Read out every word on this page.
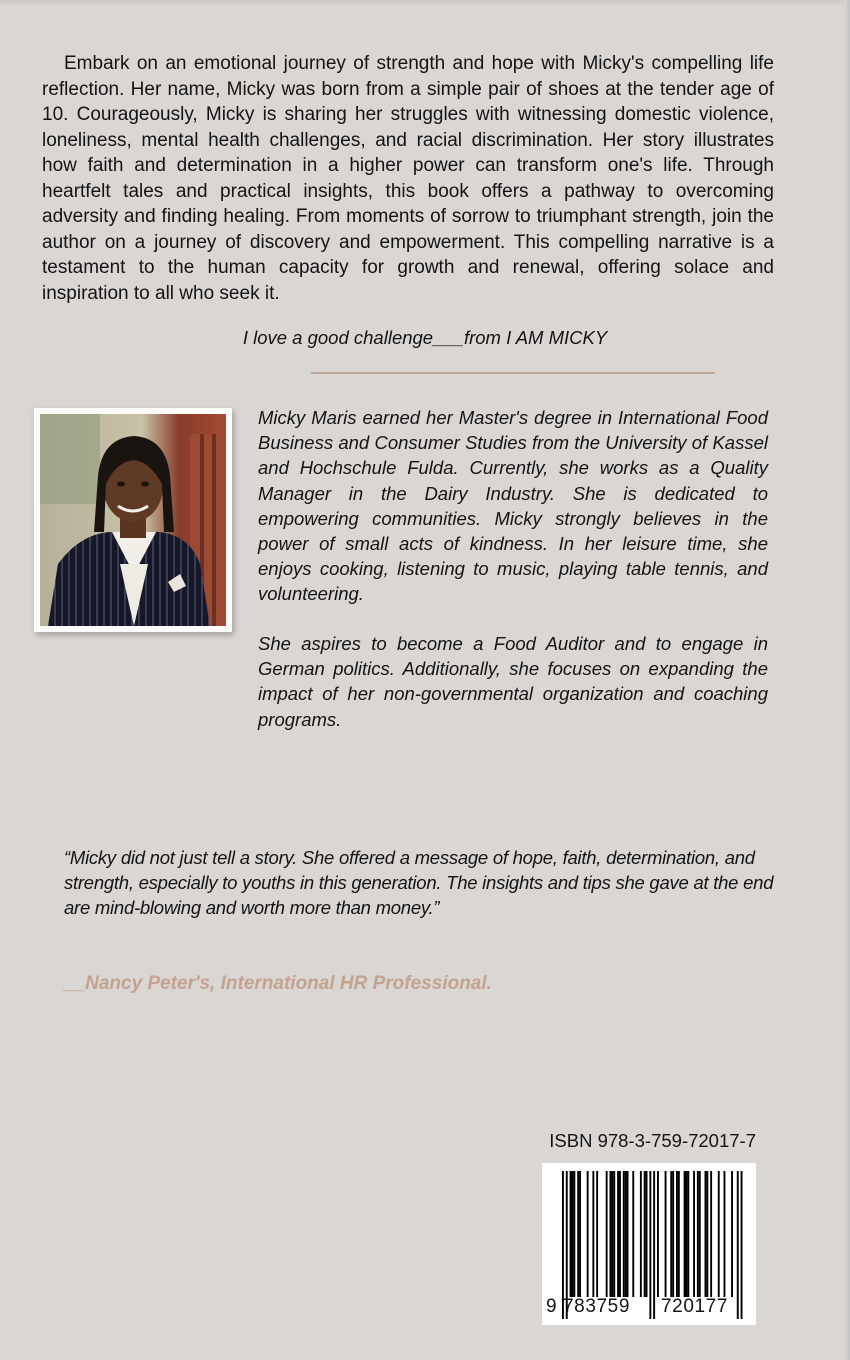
Embark on an emotional journey of strength and hope with Micky's compelling life reflection. Her name, Micky was born from a simple pair of shoes at the tender age of 10. Courageously, Micky is sharing her struggles with witnessing domestic violence, loneliness, mental health challenges, and racial discrimination. Her story illustrates how faith and determination in a higher power can transform one's life. Through heartfelt tales and practical insights, this book offers a pathway to overcoming adversity and finding healing. From moments of sorrow to triumphant strength, join the author on a journey of discovery and empowerment. This compelling narrative is a testament to the human capacity for growth and renewal, offering solace and inspiration to all who seek it.

I love a good challenge___from I AM MICKY

Micky Maris earned her Master's degree in International Food Business and Consumer Studies from the University of Kassel and Hochschule Fulda. Currently, she works as a Quality Manager in the Dairy Industry. She is dedicated to empowering communities. Micky strongly believes in the power of small acts of kindness. In her leisure time, she enjoys cooking, listening to music, playing table tennis, and volunteering.

She aspires to become a Food Auditor and to engage in German politics. Additionally, she focuses on expanding the impact of her non-governmental organization and coaching programs.

“Micky did not just tell a story. She offered a message of hope, faith, determination, and strength, especially to youths in this generation. The insights and tips she gave at the end are mind-blowing and worth more than money.”

__Nancy Peter's, International HR Professional.

ISBN 978-3-759-72017-7

9 783759 720177
